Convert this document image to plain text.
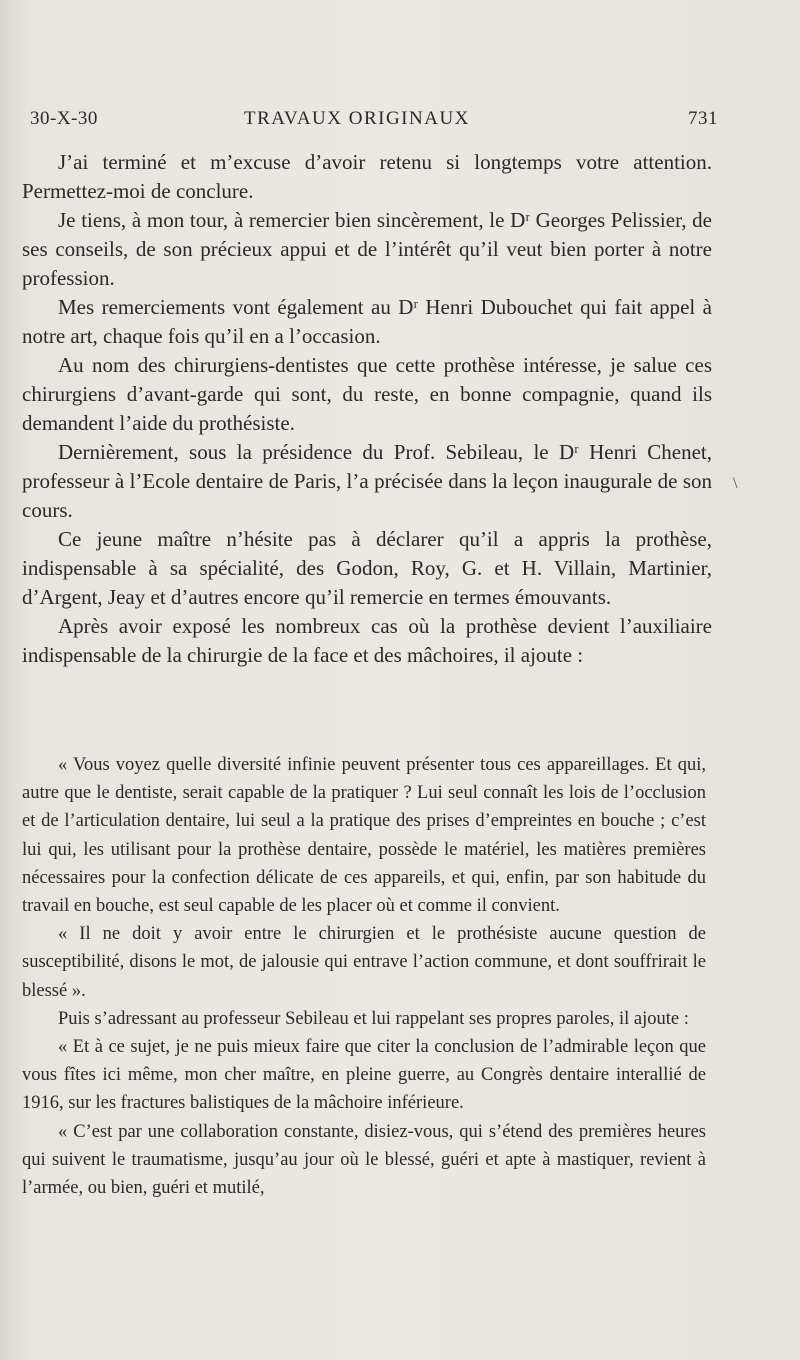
30-X-30	TRAVAUX ORIGINAUX	731

J’ai terminé et m’excuse d’avoir retenu si longtemps votre attention. Permettez-moi de conclure.

Je tiens, à mon tour, à remercier bien sincèrement, le Dʳ Georges Pelissier, de ses conseils, de son précieux appui et de l’intérêt qu’il veut bien porter à notre profession.

Mes remerciements vont également au Dʳ Henri Dubouchet qui fait appel à notre art, chaque fois qu’il en a l’occasion.

Au nom des chirurgiens-dentistes que cette prothèse intéresse, je salue ces chirurgiens d’avant-garde qui sont, du reste, en bonne compagnie, quand ils demandent l’aide du prothésiste.

Dernièrement, sous la présidence du Prof. Sebileau, le Dʳ Henri Chenet, professeur à l’Ecole dentaire de Paris, l’a précisée dans la leçon inaugurale de son cours.

Ce jeune maître n’hésite pas à déclarer qu’il a appris la prothèse, indispensable à sa spécialité, des Godon, Roy, G. et H. Villain, Martinier, d’Argent, Jeay et d’autres encore qu’il remercie en termes émouvants.

Après avoir exposé les nombreux cas où la prothèse devient l’auxiliaire indispensable de la chirurgie de la face et des mâchoires, il ajoute :

« Vous voyez quelle diversité infinie peuvent présenter tous ces appareillages. Et qui, autre que le dentiste, serait capable de la pratiquer ? Lui seul connaît les lois de l’occlusion et de l’articulation dentaire, lui seul a la pratique des prises d’empreintes en bouche ; c’est lui qui, les utilisant pour la prothèse dentaire, possède le matériel, les matières premières nécessaires pour la confection délicate de ces appareils, et qui, enfin, par son habitude du travail en bouche, est seul capable de les placer où et comme il convient.

« Il ne doit y avoir entre le chirurgien et le prothésiste aucune question de susceptibilité, disons le mot, de jalousie qui entrave l’action commune, et dont souffrirait le blessé ».

Puis s’adressant au professeur Sebileau et lui rappelant ses propres paroles, il ajoute :

« Et à ce sujet, je ne puis mieux faire que citer la conclusion de l’admirable leçon que vous fîtes ici même, mon cher maître, en pleine guerre, au Congrès dentaire interallié de 1916, sur les fractures balistiques de la mâchoire inférieure.

« C’est par une collaboration constante, disiez-vous, qui s’étend des premières heures qui suivent le traumatisme, jusqu’au jour où le blessé, guéri et apte à mastiquer, revient à l’armée, ou bien, guéri et mutilé,

\
